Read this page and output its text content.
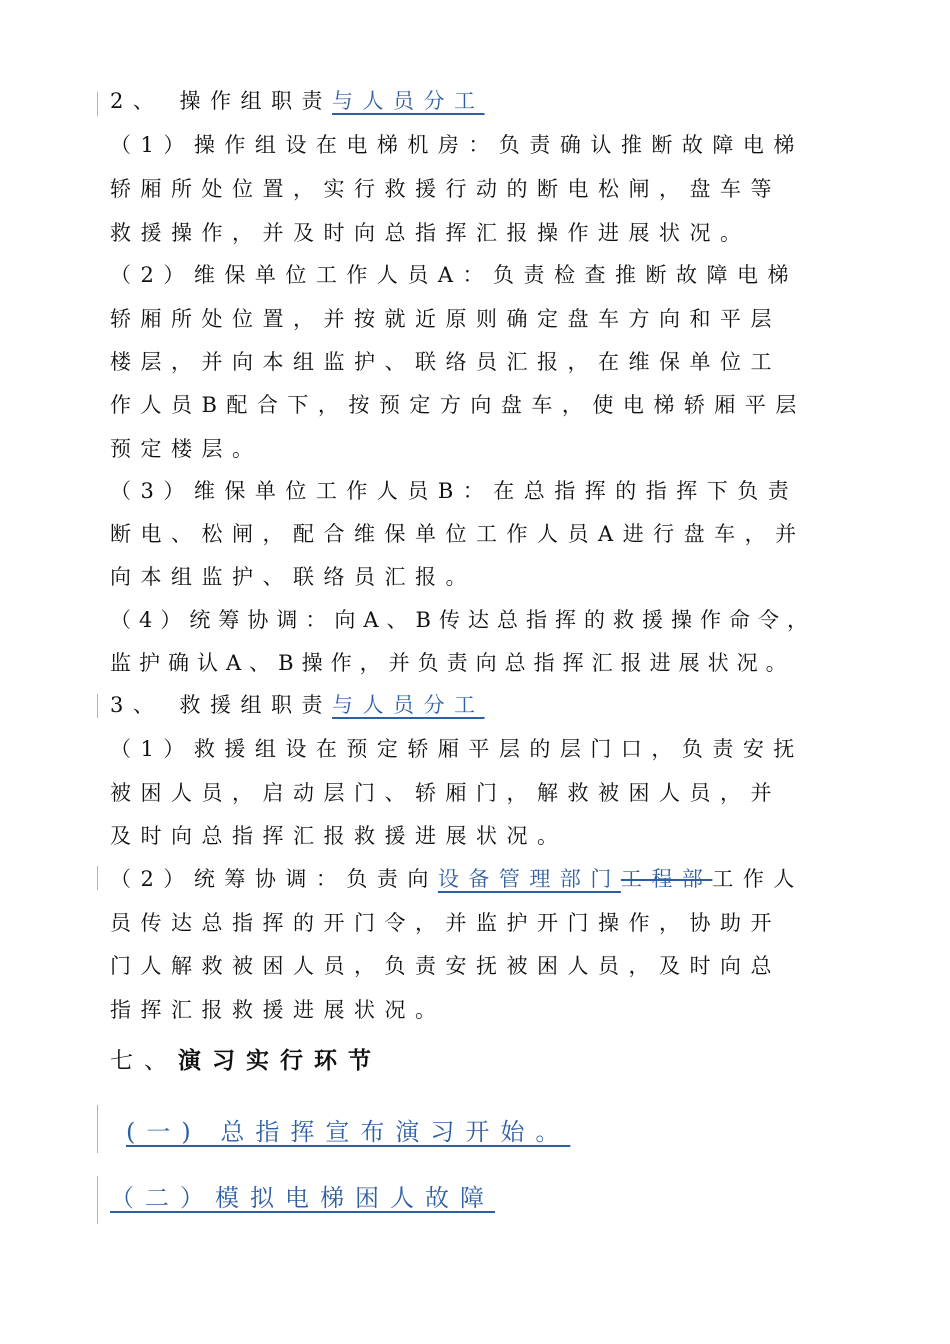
2、 操作组职责与人员分工
（1）操作组设在电梯机房：负责确认推断故障电梯
轿厢所处位置，实行救援行动的断电松闸，盘车等
救援操作，并及时向总指挥汇报操作进展状况。
（2）维保单位工作人员A：负责检查推断故障电梯
轿厢所处位置，并按就近原则确定盘车方向和平层
楼层，并向本组监护、联络员汇报，在维保单位工
作人员B配合下，按预定方向盘车，使电梯轿厢平层
预定楼层。
（3）维保单位工作人员B：在总指挥的指挥下负责
断电、松闸，配合维保单位工作人员A进行盘车，并
向本组监护、联络员汇报。
（4）统筹协调：向A、B传达总指挥的救援操作命令，
监护确认A、B操作，并负责向总指挥汇报进展状况。
3、 救援组职责与人员分工
（1）救援组设在预定轿厢平层的层门口，负责安抚
被困人员，启动层门、轿厢门，解救被困人员，并
及时向总指挥汇报救援进展状况。
（2）统筹协调：负责向设备管理部门工程部工作人
员传达总指挥的开门令，并监护开门操作，协助开
门人解救被困人员，负责安抚被困人员，及时向总
指挥汇报救援进展状况。
七、演习实行环节
(一) 总指挥宣布演习开始。
（二）模拟电梯困人故障
